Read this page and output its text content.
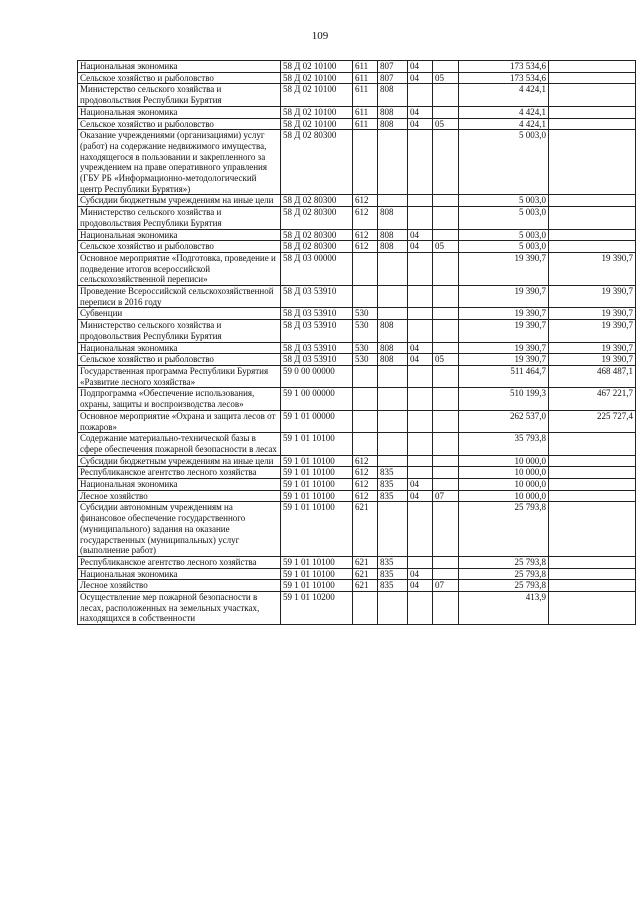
109
Национальная экономика	58 Д 02 10100	611	807	04		173 534,6	
Сельское хозяйство и рыболовство	58 Д 02 10100	611	807	04	05	173 534,6	
Министерство сельского хозяйства и продовольствия Республики Бурятия	58 Д 02 10100	611	808			4 424,1	
Национальная экономика	58 Д 02 10100	611	808	04		4 424,1	
Сельское хозяйство и рыболовство	58 Д 02 10100	611	808	04	05	4 424,1	
Оказание учреждениями (организациями) услуг (работ) на содержание недвижимого имущества, находящегося в пользовании и закрепленного за учреждением на праве оперативного управления (ГБУ РБ «Информационно-методологический центр Республики Бурятия»)	58 Д 02 80300					5 003,0	
Субсидии бюджетным учреждениям на иные цели	58 Д 02 80300	612				5 003,0	
Министерство сельского хозяйства и продовольствия Республики Бурятия	58 Д 02 80300	612	808			5 003,0	
Национальная экономика	58 Д 02 80300	612	808	04		5 003,0	
Сельское хозяйство и рыболовство	58 Д 02 80300	612	808	04	05	5 003,0	
Основное мероприятие «Подготовка, проведение и подведение итогов всероссийской сельскохозяйственной переписи»	58 Д 03 00000					19 390,7	19 390,7
Проведение Всероссийской сельскохозяйственной переписи в 2016 году	58 Д 03 53910					19 390,7	19 390,7
Субвенции	58 Д 03 53910	530				19 390,7	19 390,7
Министерство сельского хозяйства и продовольствия Республики Бурятия	58 Д 03 53910	530	808			19 390,7	19 390,7
Национальная экономика	58 Д 03 53910	530	808	04		19 390,7	19 390,7
Сельское хозяйство и рыболовство	58 Д 03 53910	530	808	04	05	19 390,7	19 390,7
Государственная программа Республики Бурятия «Развитие лесного хозяйства»	59 0 00 00000					511 464,7	468 487,1
Подпрограмма «Обеспечение использования, охраны, защиты и воспроизводства лесов»	59 1 00 00000					510 199,3	467 221,7
Основное мероприятие «Охрана и защита лесов от пожаров»	59 1 01 00000					262 537,0	225 727,4
Содержание материально-технической базы в сфере обеспечения пожарной безопасности в лесах	59 1 01 10100					35 793,8	
Субсидии бюджетным учреждениям на иные цели	59 1 01 10100	612				10 000,0	
Республиканское агентство лесного хозяйства	59 1 01 10100	612	835			10 000,0	
Национальная экономика	59 1 01 10100	612	835	04		10 000,0	
Лесное хозяйство	59 1 01 10100	612	835	04	07	10 000,0	
Субсидии автономным учреждениям на финансовое обеспечение государственного (муниципального) задания на оказание государственных (муниципальных) услуг (выполнение работ)	59 1 01 10100	621				25 793,8	
Республиканское агентство лесного хозяйства	59 1 01 10100	621	835			25 793,8	
Национальная экономика	59 1 01 10100	621	835	04		25 793,8	
Лесное хозяйство	59 1 01 10100	621	835	04	07	25 793,8	
Осуществление мер пожарной безопасности в лесах, расположенных на земельных участках, находящихся в собственности	59 1 01 10200					413,9	
